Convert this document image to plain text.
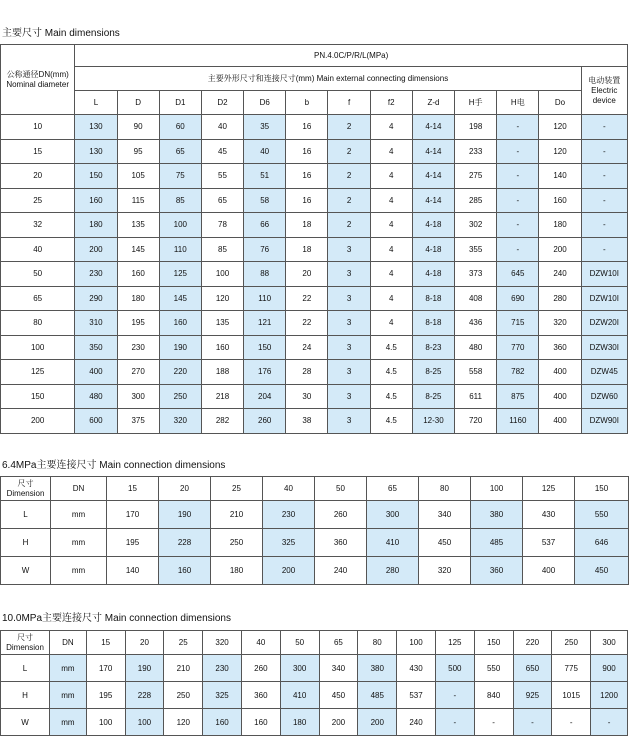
主要尺寸 Main dimensions
公称通径DN(mm)
Nominal diameter	PN.4.0C/P/R/L(MPa)												
	主要外形尺寸和连接尺寸(mm) Main external connecting dimensions												电动装置
Electric device

	L	D	D1	D2	D6	b	f	f2	Z-d	H手	H电	Do	
10	130	90	60	40	35	16	2	4	4-14	198	-	120	-
15	130	95	65	45	40	16	2	4	4-14	233	-	120	-
20	150	105	75	55	51	16	2	4	4-14	275	-	140	-
25	160	115	85	65	58	16	2	4	4-14	285	-	160	-
32	180	135	100	78	66	18	2	4	4-18	302	-	180	-
40	200	145	110	85	76	18	3	4	4-18	355	-	200	-
50	230	160	125	100	88	20	3	4	4-18	373	645	240	DZW10I
65	290	180	145	120	110	22	3	4	8-18	408	690	280	DZW10I
80	310	195	160	135	121	22	3	4	8-18	436	715	320	DZW20I
100	350	230	190	160	150	24	3	4.5	8-23	480	770	360	DZW30I
125	400	270	220	188	176	28	3	4.5	8-25	558	782	400	DZW45
150	480	300	250	218	204	30	3	4.5	8-25	611	875	400	DZW60
200	600	375	320	282	260	38	3	4.5	12-30	720	1160	400	DZW90I
6.4MPa主要连接尺寸 Main connection dimensions
尺寸
Dimension	DN	15	20	25	40	50	65	80	100	125	150
L	mm	170	190	210	230	260	300	340	380	430	550
H	mm	195	228	250	325	360	410	450	485	537	646
W	mm	140	160	180	200	240	280	320	360	400	450
10.0MPa主要连接尺寸 Main connection dimensions
尺寸
Dimension	DN	15	20	25	320	40	50	65	80	100	125	150	220	250	300
L	mm	170	190	210	230	260	300	340	380	430	500	550	650	775	900
H	mm	195	228	250	325	360	410	450	485	537	-	840	925	1015	1200
W	mm	100	100	120	160	160	180	200	200	240	-	-	-	-	-
